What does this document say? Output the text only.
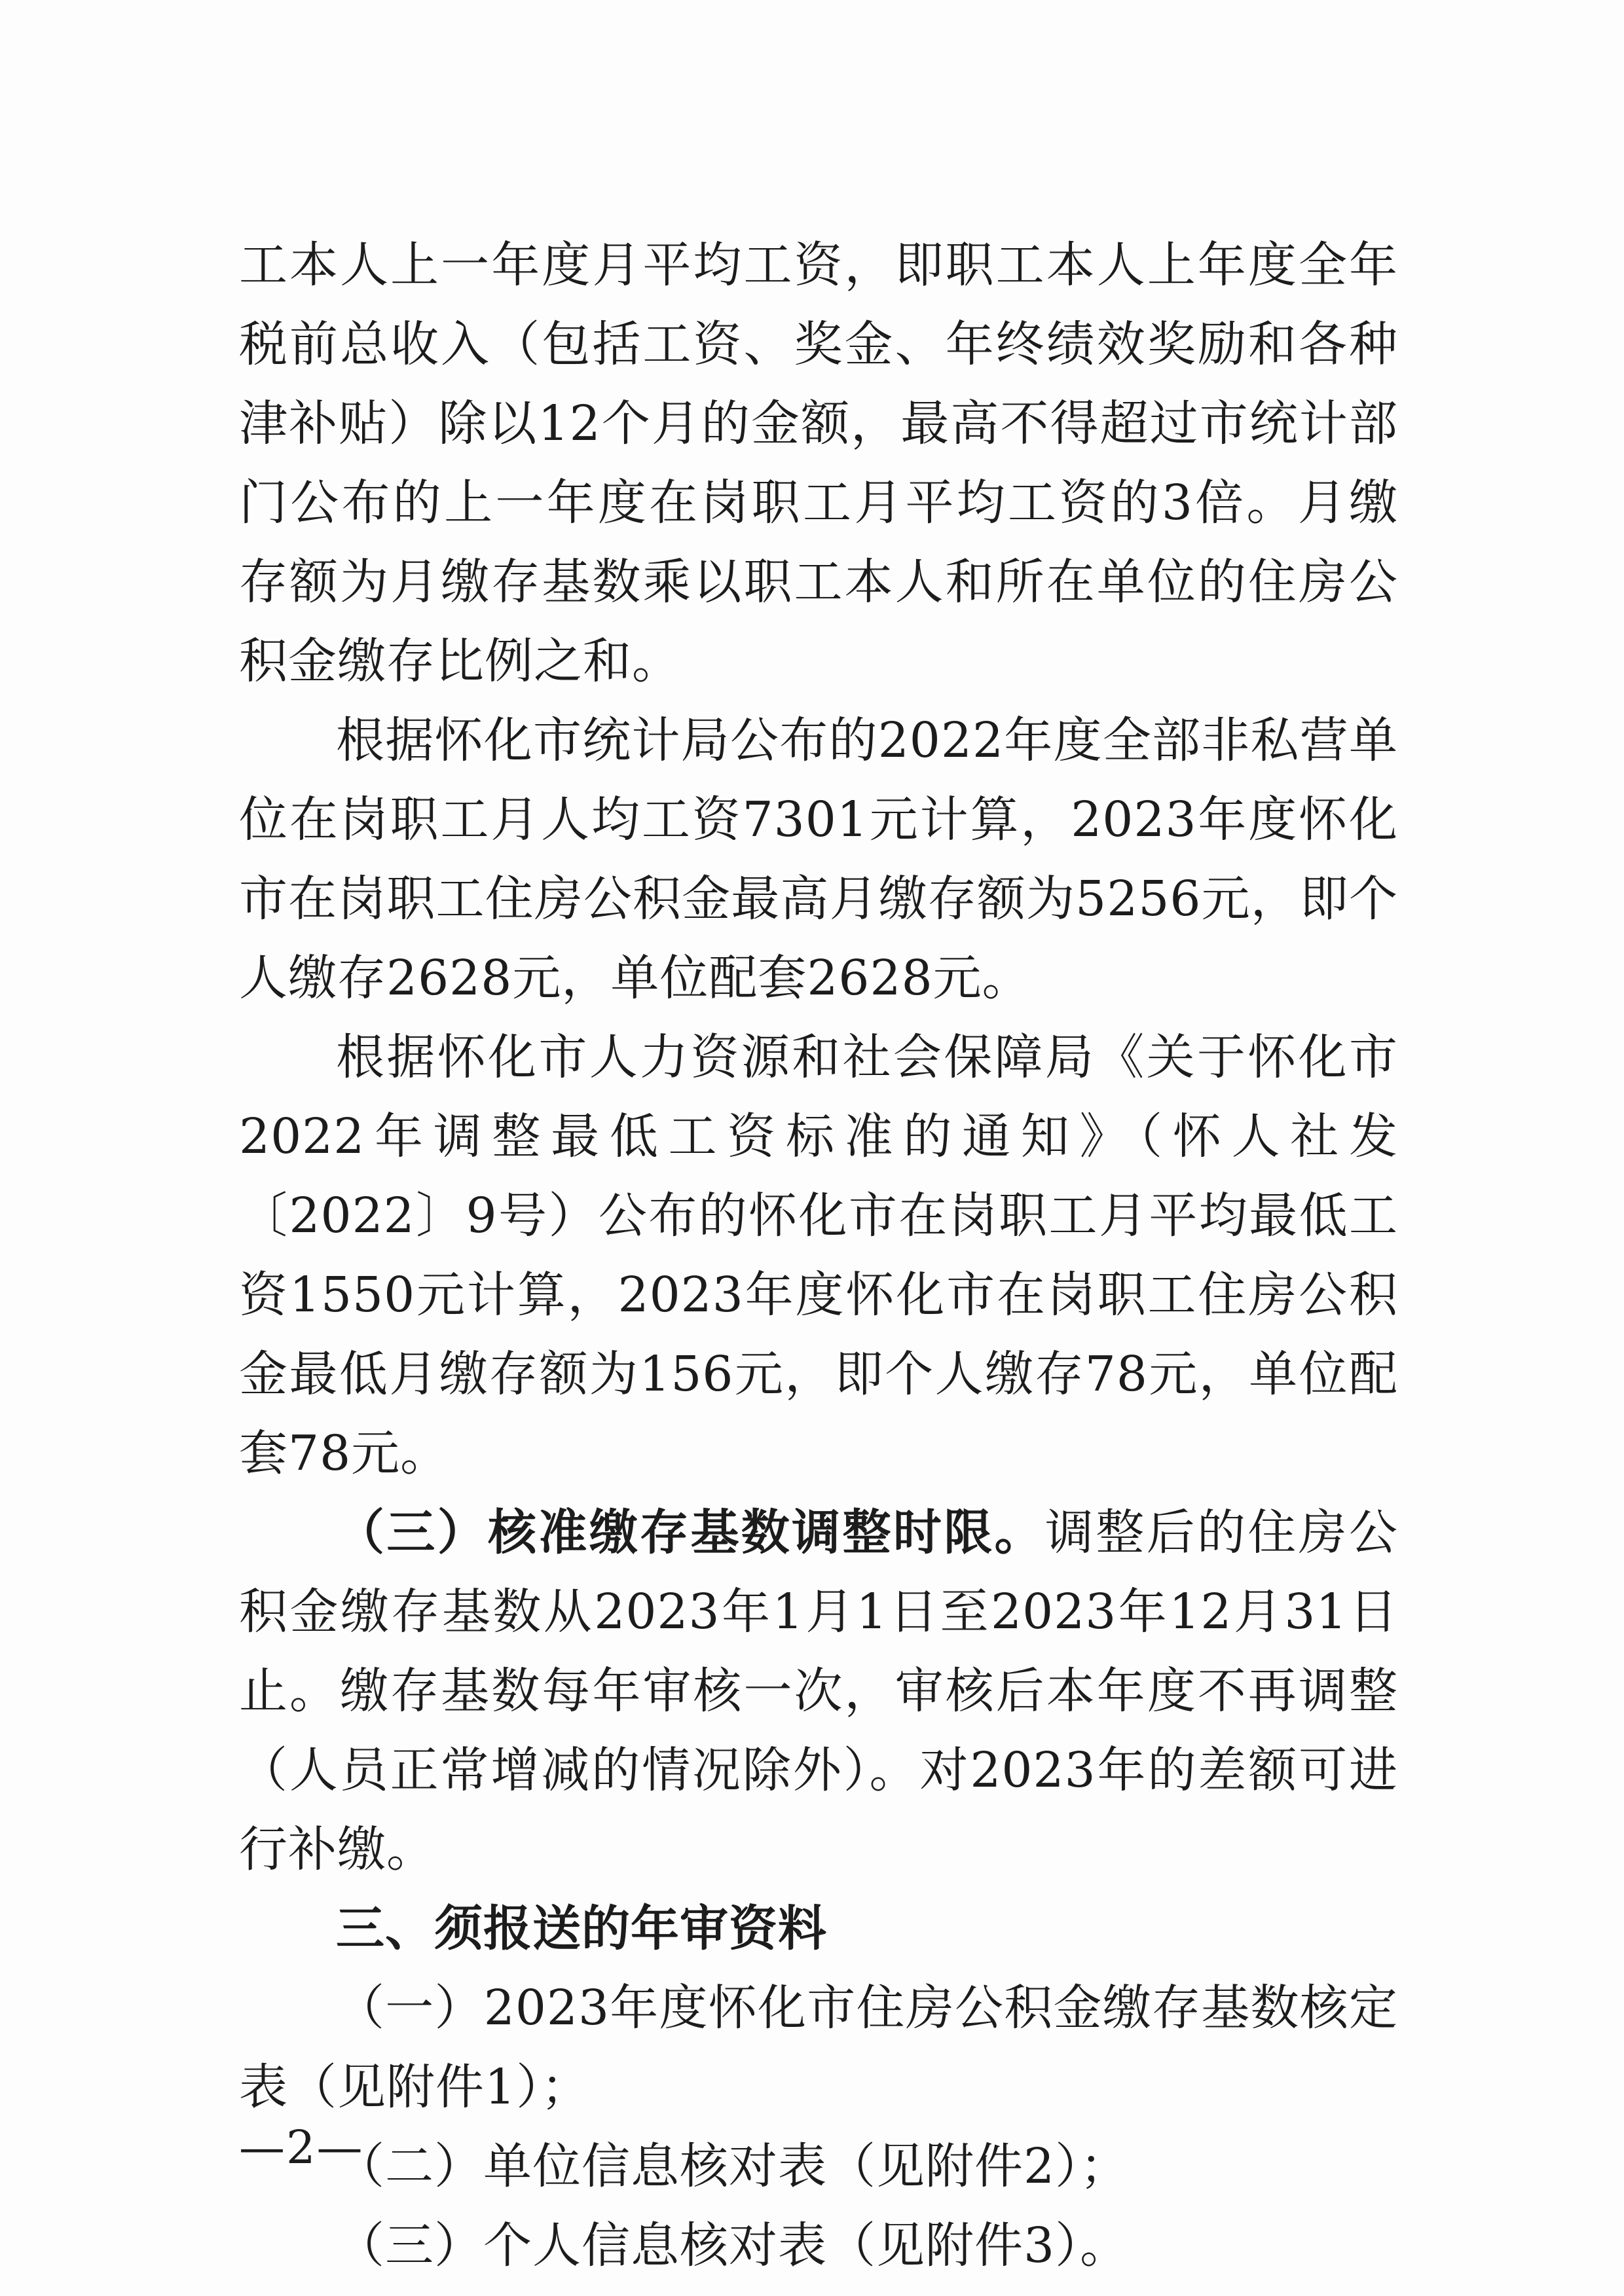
工本人上一年度月平均工资，即职工本人上年度全年税前总收入（包括工资、奖金、年终绩效奖励和各种津补贴）除以12个月的金额，最高不得超过市统计部门公布的上一年度在岗职工月平均工资的3倍。月缴存额为月缴存基数乘以职工本人和所在单位的住房公积金缴存比例之和。

根据怀化市统计局公布的2022年度全部非私营单位在岗职工月人均工资7301元计算，2023年度怀化市在岗职工住房公积金最高月缴存额为5256元，即个人缴存2628元，单位配套2628元。

根据怀化市人力资源和社会保障局《关于怀化市2022年调整最低工资标准的通知》（怀人社发〔2022〕9号）公布的怀化市在岗职工月平均最低工资1550元计算，2023年度怀化市在岗职工住房公积金最低月缴存额为156元，即个人缴存78元，单位配套78元。

（三）核准缴存基数调整时限。调整后的住房公积金缴存基数从2023年1月1日至2023年12月31日止。缴存基数每年审核一次，审核后本年度不再调整（人员正常增减的情况除外）。对2023年的差额可进行补缴。

三、须报送的年审资料

（一）2023年度怀化市住房公积金缴存基数核定表（见附件1）；

（二）单位信息核对表（见附件2）；

（三）个人信息核对表（见附件3）。

—2—
